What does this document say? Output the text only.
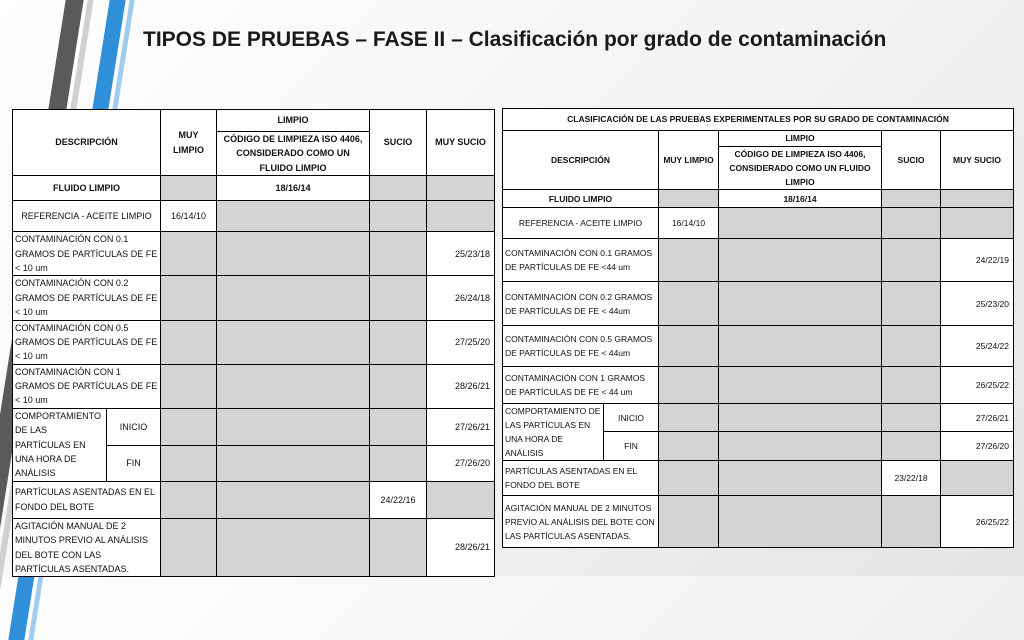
TIPOS DE PRUEBAS – FASE II – Clasificación por grado de contaminación
DESCRIPCIÓN		MUY LIMPIO	LIMPIO	SUCIO	MUY SUCIO
			CÓDIGO DE LIMPIEZA ISO 4406, CONSIDERADO COMO UN FLUIDO LIMPIO		
FLUIDO LIMPIO			18/16/14		
REFERENCIA - ACEITE LIMPIO		16/14/10			
CONTAMINACIÓN CON 0.1 GRAMOS DE PARTÍCULAS DE FE < 10 um					25/23/18
CONTAMINACIÓN CON 0.2 GRAMOS DE PARTÍCULAS DE FE < 10 um					26/24/18
CONTAMINACIÓN CON 0.5 GRAMOS DE PARTÍCULAS DE FE < 10 um					27/25/20
CONTAMINACIÓN CON 1 GRAMOS DE PARTÍCULAS DE FE < 10 um					28/26/21
COMPORTAMIENTO DE LAS PARTÍCULAS EN UNA HORA DE ANÁLISIS	INICIO				27/26/21
	FIN				27/26/20
PARTÍCULAS ASENTADAS EN EL FONDO DEL BOTE				24/22/16	
AGITACIÓN MANUAL DE 2 MINUTOS PREVIO AL ANÁLISIS DEL BOTE CON LAS PARTÍCULAS ASENTADAS.					28/26/21
CLASIFICACIÓN DE LAS PRUEBAS EXPERIMENTALES POR SU GRADO DE CONTAMINACIÓN					
DESCRIPCIÓN		MUY LIMPIO	LIMPIO	SUCIO	MUY SUCIO
			CÓDIGO DE LIMPIEZA ISO 4406, CONSIDERADO COMO UN FLUIDO LIMPIO		
FLUIDO LIMPIO			18/16/14		
REFERENCIA - ACEITE LIMPIO		16/14/10			
CONTAMINACIÓN CON 0.1 GRAMOS DE PARTÍCULAS DE FE <44 um					24/22/19
CONTAMINACIÓN CON 0.2 GRAMOS DE PARTÍCULAS DE FE < 44um					25/23/20
CONTAMINACIÓN CON 0.5 GRAMOS DE PARTÍCULAS DE FE < 44um					25/24/22
CONTAMINACIÓN CON 1 GRAMOS DE PARTÍCULAS DE FE < 44 um					26/25/22
COMPORTAMIENTO DE LAS PARTÍCULAS EN UNA HORA DE ANÁLISIS	INICIO				27/26/21
	FIN				27/26/20
PARTÍCULAS ASENTADAS EN EL FONDO DEL BOTE				23/22/18	
AGITACIÓN MANUAL DE 2 MINUTOS PREVIO AL ANÁLISIS DEL BOTE CON LAS PARTÍCULAS ASENTADAS.					26/25/22
